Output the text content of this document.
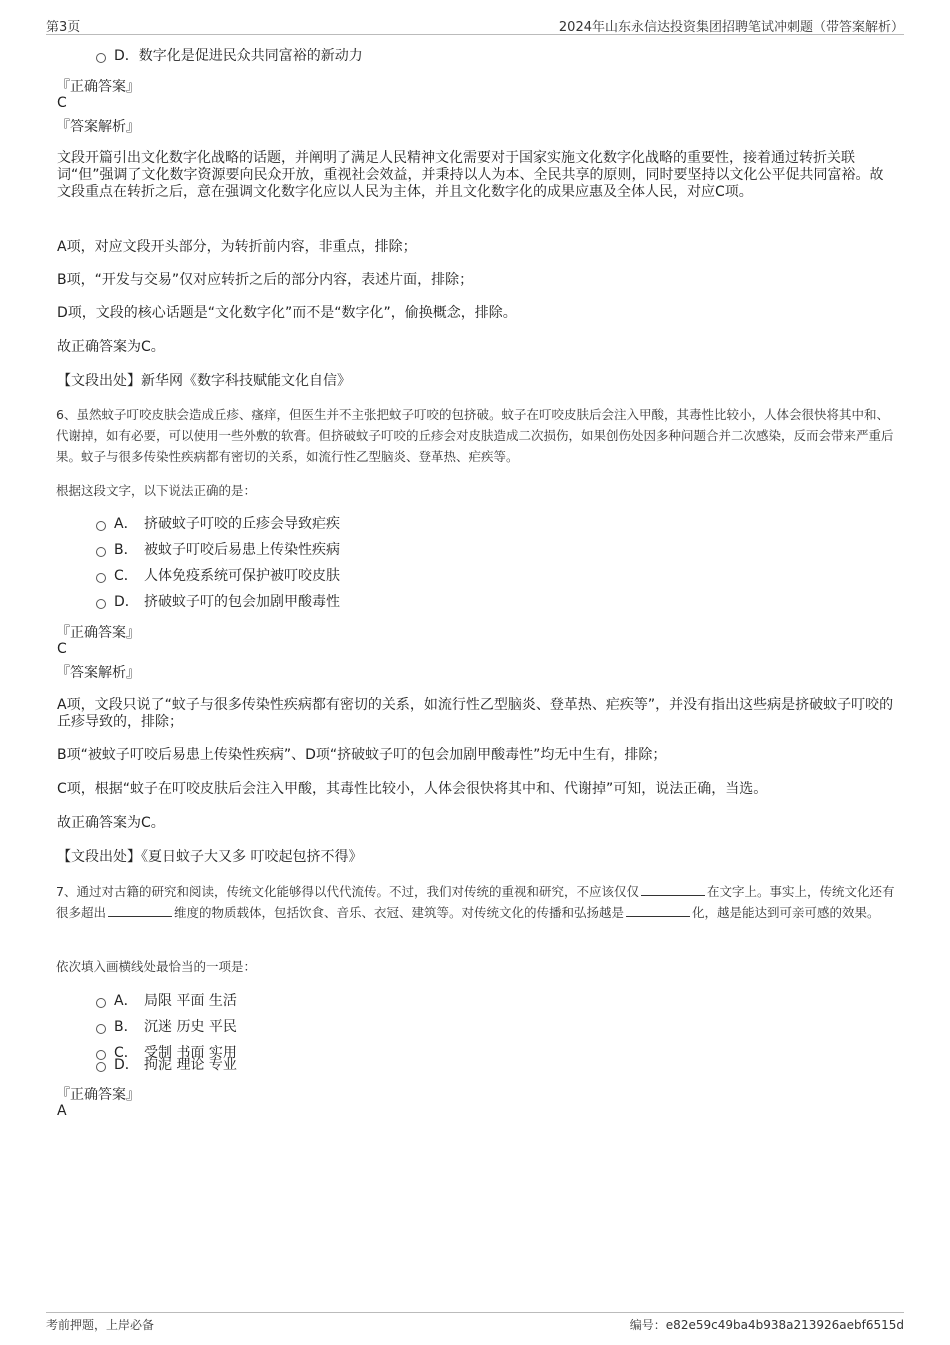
第3页	2024年山东永信达投资集团招聘笔试冲刺题（带答案解析）
D．数字化是促进民众共同富裕的新动力
『正确答案』
C
『答案解析』
文段开篇引出文化数字化战略的话题，并阐明了满足人民精神文化需要对于国家实施文化数字化战略的重要性，接着通过转折关联词“但”强调了文化数字资源要向民众开放，重视社会效益，并秉持以人为本、全民共享的原则，同时要坚持以文化公平促共同富裕。故文段重点在转折之后，意在强调文化数字化应以人民为主体，并且文化数字化的成果应惠及全体人民，对应C项。
A项，对应文段开头部分，为转折前内容，非重点，排除；
B项，“开发与交易”仅对应转折之后的部分内容，表述片面，排除；
D项，文段的核心话题是“文化数字化”而不是“数字化”，偷换概念，排除。
故正确答案为C。
【文段出处】新华网《数字科技赋能文化自信》
6、虽然蚊子叮咬皮肤会造成丘疹、瘙痒，但医生并不主张把蚊子叮咬的包挤破。蚊子在叮咬皮肤后会注入甲酸，其毒性比较小，人体会很快将其中和、代谢掉，如有必要，可以使用一些外敷的软膏。但挤破蚊子叮咬的丘疹会对皮肤造成二次损伤，如果创伤处因多种问题合并二次感染，反而会带来严重后果。蚊子与很多传染性疾病都有密切的关系，如流行性乙型脑炎、登革热、疟疾等。
根据这段文字，以下说法正确的是：
A． 挤破蚊子叮咬的丘疹会导致疟疾
B． 被蚊子叮咬后易患上传染性疾病
C． 人体免疫系统可保护被叮咬皮肤
D． 挤破蚊子叮的包会加剧甲酸毒性
『正确答案』
C
『答案解析』
A项，文段只说了“蚊子与很多传染性疾病都有密切的关系，如流行性乙型脑炎、登革热、疟疾等”，并没有指出这些病是挤破蚊子叮咬的丘疹导致的，排除；
B项“被蚊子叮咬后易患上传染性疾病”、D项“挤破蚊子叮的包会加剧甲酸毒性”均无中生有，排除；
C项，根据“蚊子在叮咬皮肤后会注入甲酸，其毒性比较小，人体会很快将其中和、代谢掉”可知，说法正确，当选。
故正确答案为C。
【文段出处】《夏日蚊子大又多 叮咬起包挤不得》
7、通过对古籍的研究和阅读，传统文化能够得以代代流传。不过，我们对传统的重视和研究，不应该仅仅	在文字上。事实上，传统文化还有很多超出	维度的物质载体，包括饮食、音乐、衣冠、建筑等。对传统文化的传播和弘扬越是	化，越是能达到可亲可感的效果。
依次填入画横线处最恰当的一项是：
A． 局限 平面 生活
B． 沉迷 历史 平民
C． 受制 书面 实用
D． 拘泥 理论 专业
『正确答案』
A
考前押题，上岸必备	编号：e82e59c49ba4b938a213926aebf6515d
